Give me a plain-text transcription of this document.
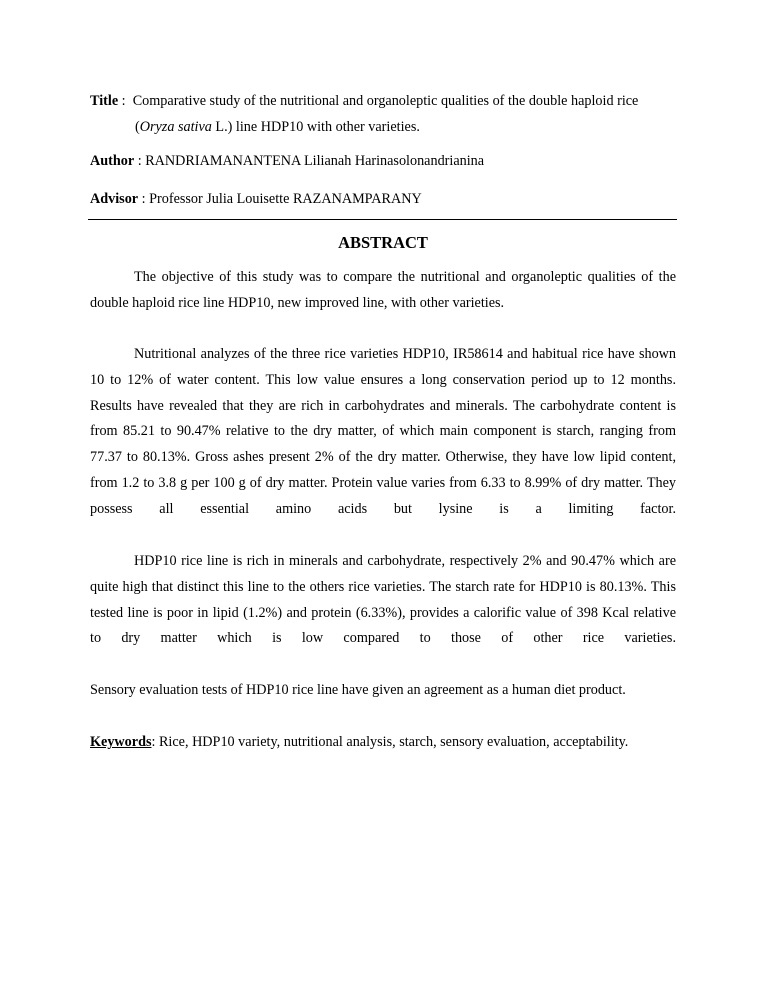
Title :  Comparative study of the nutritional and organoleptic qualities of the double haploid rice

(Oryza sativa L.) line HDP10 with other varieties.

Author : RANDRIAMANANTENA Lilianah Harinasolonandrianina

Advisor : Professor Julia Louisette RAZANAMPARANY

ABSTRACT

The objective of this study was to compare the nutritional and organoleptic qualities of the double haploid rice line HDP10, new improved line, with other varieties.

Nutritional analyzes of the three rice varieties HDP10, IR58614 and habitual rice have shown 10 to 12% of water content. This low value ensures a long conservation period up to 12 months. Results have revealed that they are rich in carbohydrates and minerals. The carbohydrate content is from 85.21 to 90.47% relative to the dry matter, of which main component is starch, ranging from 77.37 to 80.13%. Gross ashes present 2% of the dry matter. Otherwise, they have low lipid content, from 1.2 to 3.8 g per 100 g of dry matter. Protein value varies from 6.33 to 8.99% of dry matter. They possess all essential amino acids but lysine is a limiting factor.

HDP10 rice line is rich in minerals and carbohydrate, respectively 2% and 90.47% which are quite high that distinct this line to the others rice varieties. The starch rate for HDP10 is 80.13%. This tested line is poor in lipid (1.2%) and protein (6.33%), provides a calorific value of 398 Kcal relative to dry matter which is low compared to those of other rice varieties.

Sensory evaluation tests of HDP10 rice line have given an agreement as a human diet product.

Keywords: Rice, HDP10 variety, nutritional analysis, starch, sensory evaluation, acceptability.
